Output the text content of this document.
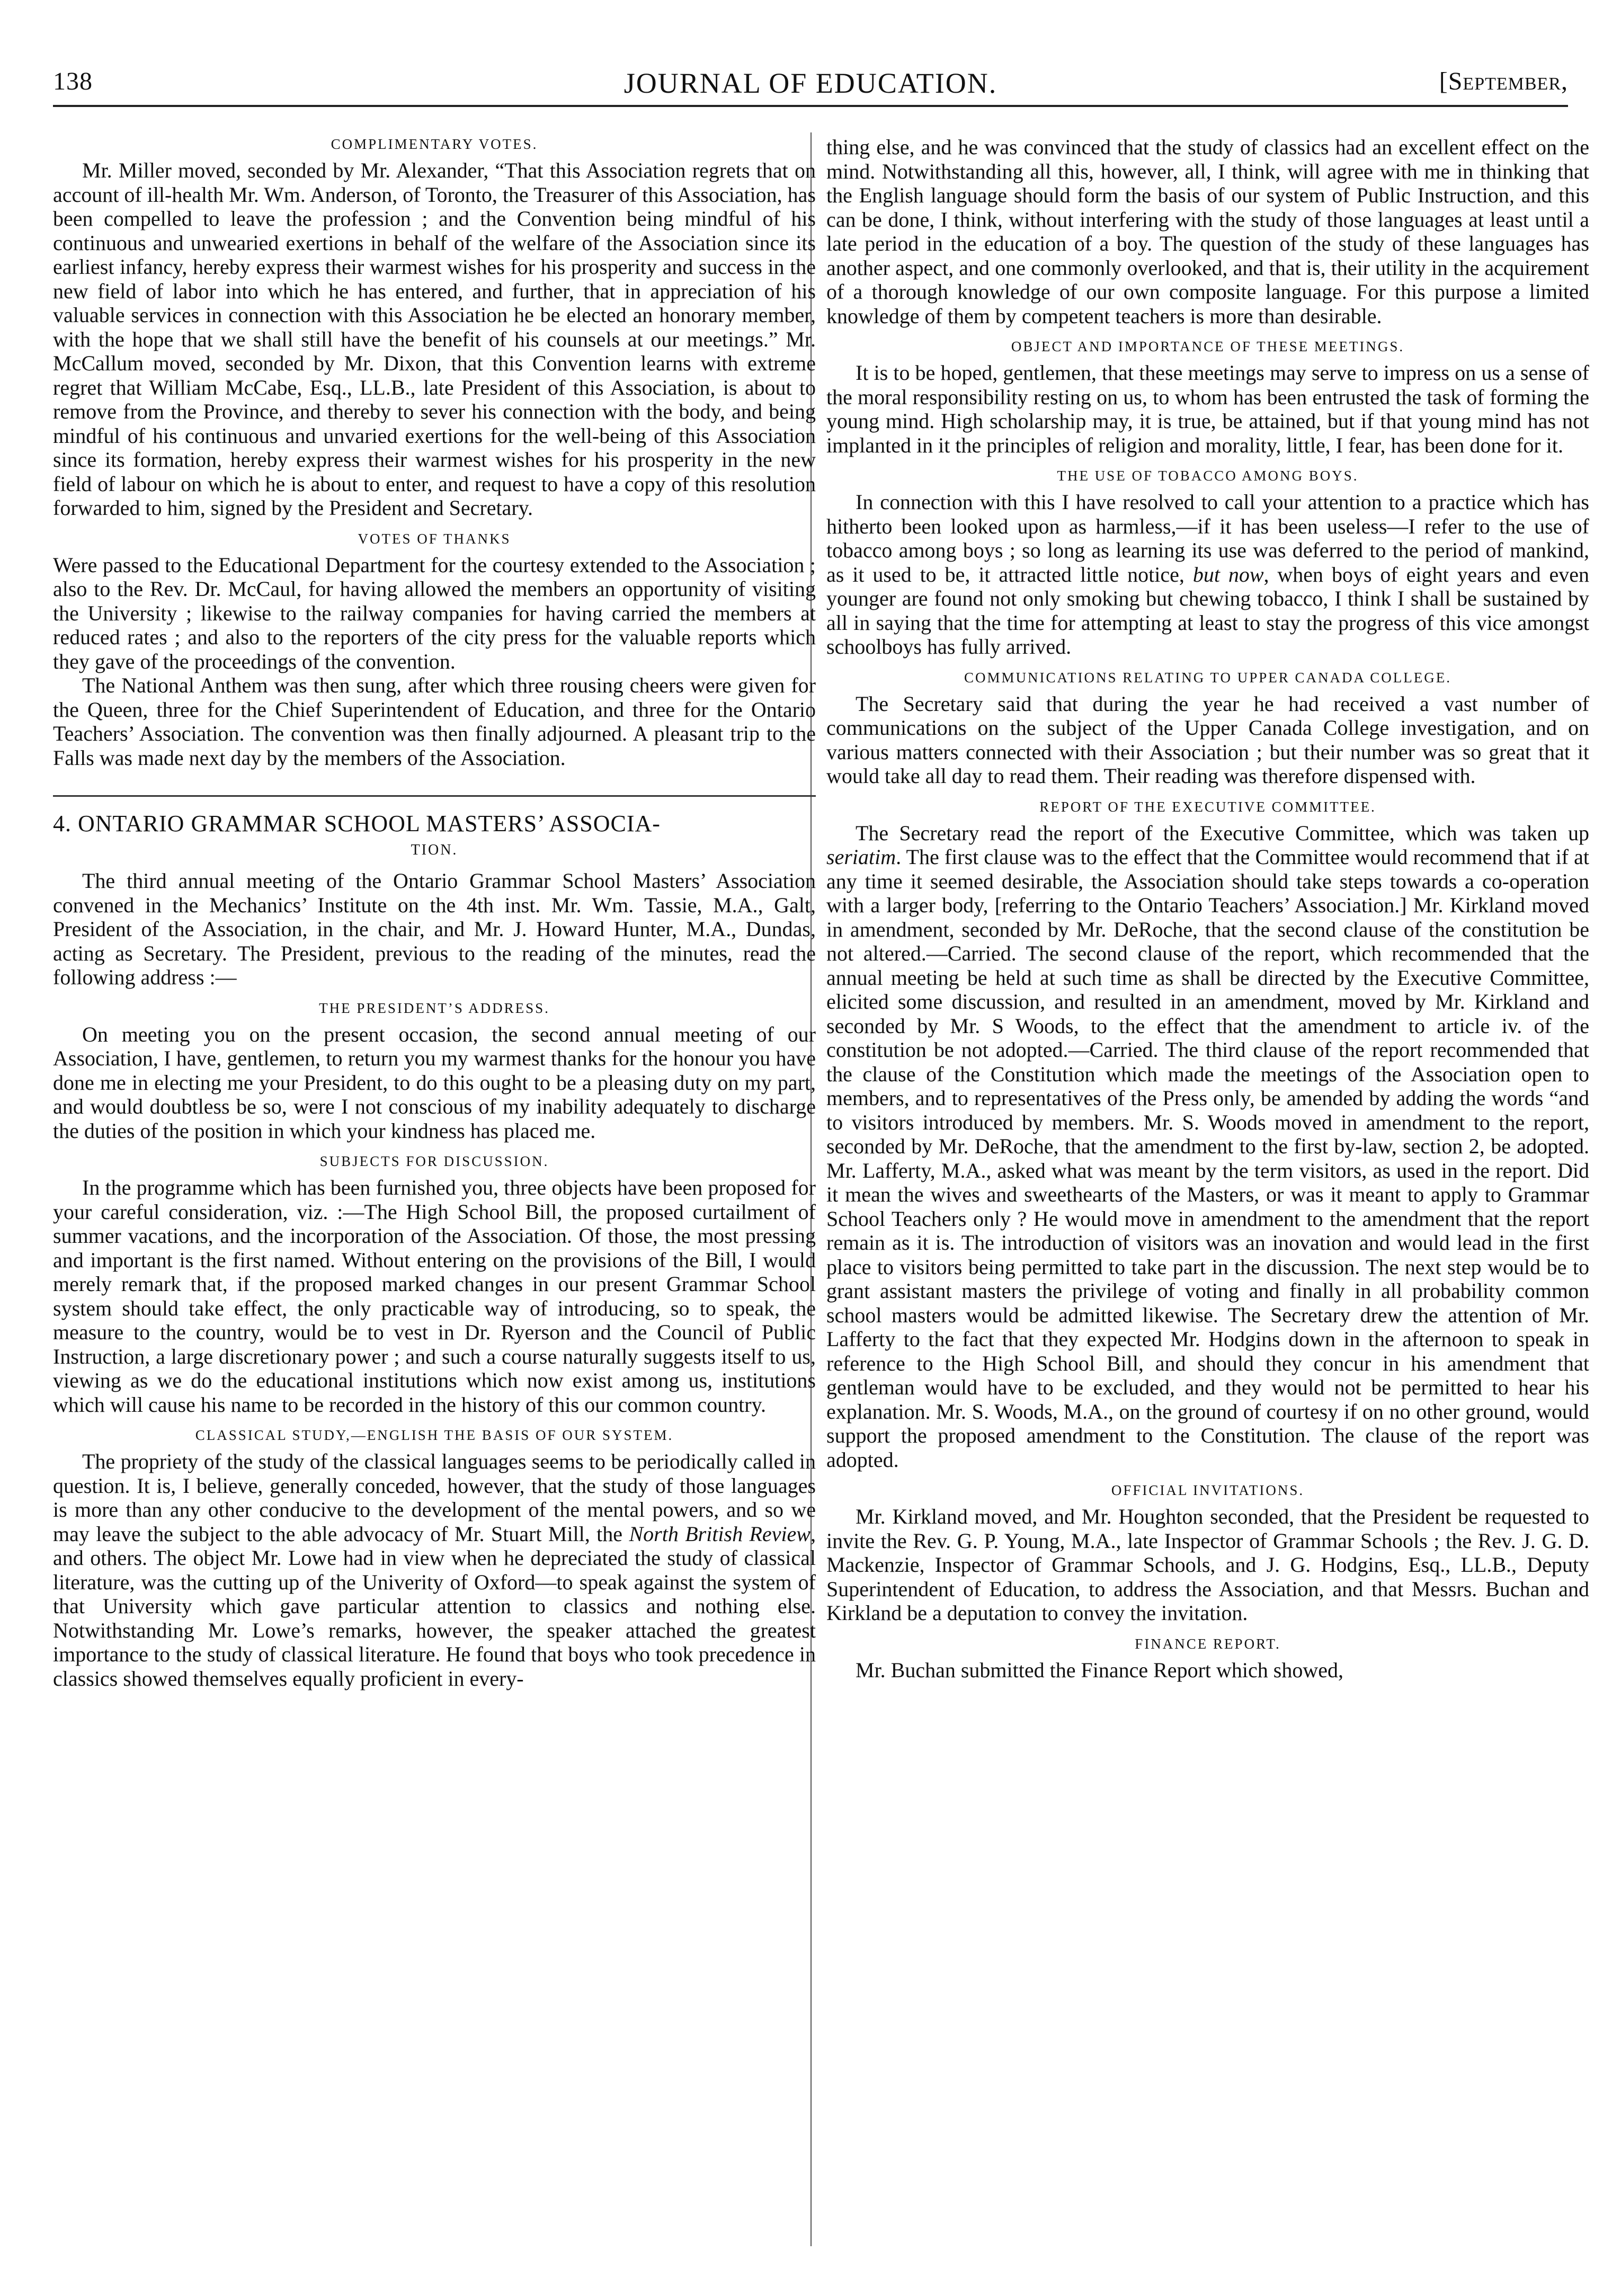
138	JOURNAL OF EDUCATION.	[September,
COMPLIMENTARY VOTES.

Mr. Miller moved, seconded by Mr. Alexander, “That this Association regrets that on account of ill-health Mr. Wm. Anderson, of Toronto, the Treasurer of this Association, has been compelled to leave the profession ; and the Convention being mindful of his continuous and unwearied exertions in behalf of the welfare of the Association since its earliest infancy, hereby express their warmest wishes for his prosperity and success in the new field of labor into which he has entered, and further, that in appreciation of his valuable services in connection with this Association he be elected an honorary member, with the hope that we shall still have the benefit of his counsels at our meetings.” Mr. McCallum moved, seconded by Mr. Dixon, that this Convention learns with extreme regret that William McCabe, Esq., LL.B., late President of this Association, is about to remove from the Province, and thereby to sever his connection with the body, and being mindful of his continuous and unvaried exertions for the well-being of this Association since its formation, hereby express their warmest wishes for his prosperity in the new field of labour on which he is about to enter, and request to have a copy of this resolution forwarded to him, signed by the President and Secretary.

VOTES OF THANKS

Were passed to the Educational Department for the courtesy extended to the Association ; also to the Rev. Dr. McCaul, for having allowed the members an opportunity of visiting the University ; likewise to the railway companies for having carried the members at reduced rates ; and also to the reporters of the city press for the valuable reports which they gave of the proceedings of the convention.

The National Anthem was then sung, after which three rousing cheers were given for the Queen, three for the Chief Superintendent of Education, and three for the Ontario Teachers’ Association. The convention was then finally adjourned. A pleasant trip to the Falls was made next day by the members of the Association.

4. ONTARIO GRAMMAR SCHOOL MASTERS’ ASSOCIA-
TION.

The third annual meeting of the Ontario Grammar School Masters’ Association convened in the Mechanics’ Institute on the 4th inst. Mr. Wm. Tassie, M.A., Galt, President of the Association, in the chair, and Mr. J. Howard Hunter, M.A., Dundas, acting as Secretary. The President, previous to the reading of the minutes, read the following address :—

THE PRESIDENT’S ADDRESS.

On meeting you on the present occasion, the second annual meeting of our Association, I have, gentlemen, to return you my warmest thanks for the honour you have done me in electing me your President, to do this ought to be a pleasing duty on my part, and would doubtless be so, were I not conscious of my inability adequately to discharge the duties of the position in which your kindness has placed me.

SUBJECTS FOR DISCUSSION.

In the programme which has been furnished you, three objects have been proposed for your careful consideration, viz. :—The High School Bill, the proposed curtailment of summer vacations, and the incorporation of the Association. Of those, the most pressing and important is the first named. Without entering on the provisions of the Bill, I would merely remark that, if the proposed marked changes in our present Grammar School system should take effect, the only practicable way of introducing, so to speak, the measure to the country, would be to vest in Dr. Ryerson and the Council of Public Instruction, a large discretionary power ; and such a course naturally suggests itself to us, viewing as we do the educational institutions which now exist among us, institutions which will cause his name to be recorded in the history of this our common country.

CLASSICAL STUDY,—ENGLISH THE BASIS OF OUR SYSTEM.

The propriety of the study of the classical languages seems to be periodically called in question. It is, I believe, generally conceded, however, that the study of those languages is more than any other conducive to the development of the mental powers, and so we may leave the subject to the able advocacy of Mr. Stuart Mill, the North British Review, and others. The object Mr. Lowe had in view when he depreciated the study of classical literature, was the cutting up of the Univerity of Oxford—to speak against the system of that University which gave particular attention to classics and nothing else. Notwithstanding Mr. Lowe’s remarks, however, the speaker attached the greatest importance to the study of classical literature. He found that boys who took precedence in classics showed themselves equally proficient in every-

thing else, and he was convinced that the study of classics had an excellent effect on the mind. Notwithstanding all this, however, all, I think, will agree with me in thinking that the English language should form the basis of our system of Public Instruction, and this can be done, I think, without interfering with the study of those languages at least until a late period in the education of a boy. The question of the study of these languages has another aspect, and one commonly overlooked, and that is, their utility in the acquirement of a thorough knowledge of our own composite language. For this purpose a limited knowledge of them by competent teachers is more than desirable.

OBJECT AND IMPORTANCE OF THESE MEETINGS.

It is to be hoped, gentlemen, that these meetings may serve to impress on us a sense of the moral responsibility resting on us, to whom has been entrusted the task of forming the young mind. High scholarship may, it is true, be attained, but if that young mind has not implanted in it the principles of religion and morality, little, I fear, has been done for it.

THE USE OF TOBACCO AMONG BOYS.

In connection with this I have resolved to call your attention to a practice which has hitherto been looked upon as harmless,—if it has been useless—I refer to the use of tobacco among boys ; so long as learning its use was deferred to the period of mankind, as it used to be, it attracted little notice, but now, when boys of eight years and even younger are found not only smoking but chewing tobacco, I think I shall be sustained by all in saying that the time for attempting at least to stay the progress of this vice amongst schoolboys has fully arrived.

COMMUNICATIONS RELATING TO UPPER CANADA COLLEGE.

The Secretary said that during the year he had received a vast number of communications on the subject of the Upper Canada College investigation, and on various matters connected with their Association ; but their number was so great that it would take all day to read them. Their reading was therefore dispensed with.

REPORT OF THE EXECUTIVE COMMITTEE.

The Secretary read the report of the Executive Committee, which was taken up seriatim. The first clause was to the effect that the Committee would recommend that if at any time it seemed desirable, the Association should take steps towards a co-operation with a larger body, [referring to the Ontario Teachers’ Association.] Mr. Kirkland moved in amendment, seconded by Mr. DeRoche, that the second clause of the constitution be not altered.—Carried. The second clause of the report, which recommended that the annual meeting be held at such time as shall be directed by the Executive Committee, elicited some discussion, and resulted in an amendment, moved by Mr. Kirkland and seconded by Mr. S Woods, to the effect that the amendment to article iv. of the constitution be not adopted.—Carried. The third clause of the report recommended that the clause of the Constitution which made the meetings of the Association open to members, and to representatives of the Press only, be amended by adding the words “and to visitors introduced by members. Mr. S. Woods moved in amendment to the report, seconded by Mr. DeRoche, that the amendment to the first by-law, section 2, be adopted. Mr. Lafferty, M.A., asked what was meant by the term visitors, as used in the report. Did it mean the wives and sweethearts of the Masters, or was it meant to apply to Grammar School Teachers only ? He would move in amendment to the amendment that the report remain as it is. The introduction of visitors was an inovation and would lead in the first place to visitors being permitted to take part in the discussion. The next step would be to grant assistant masters the privilege of voting and finally in all probability common school masters would be admitted likewise. The Secretary drew the attention of Mr. Lafferty to the fact that they expected Mr. Hodgins down in the afternoon to speak in reference to the High School Bill, and should they concur in his amendment that gentleman would have to be excluded, and they would not be permitted to hear his explanation. Mr. S. Woods, M.A., on the ground of courtesy if on no other ground, would support the proposed amendment to the Constitution. The clause of the report was adopted.

OFFICIAL INVITATIONS.

Mr. Kirkland moved, and Mr. Houghton seconded, that the President be requested to invite the Rev. G. P. Young, M.A., late Inspector of Grammar Schools ; the Rev. J. G. D. Mackenzie, Inspector of Grammar Schools, and J. G. Hodgins, Esq., LL.B., Deputy Superintendent of Education, to address the Association, and that Messrs. Buchan and Kirkland be a deputation to convey the invitation.

FINANCE REPORT.

Mr. Buchan submitted the Finance Report which showed,
